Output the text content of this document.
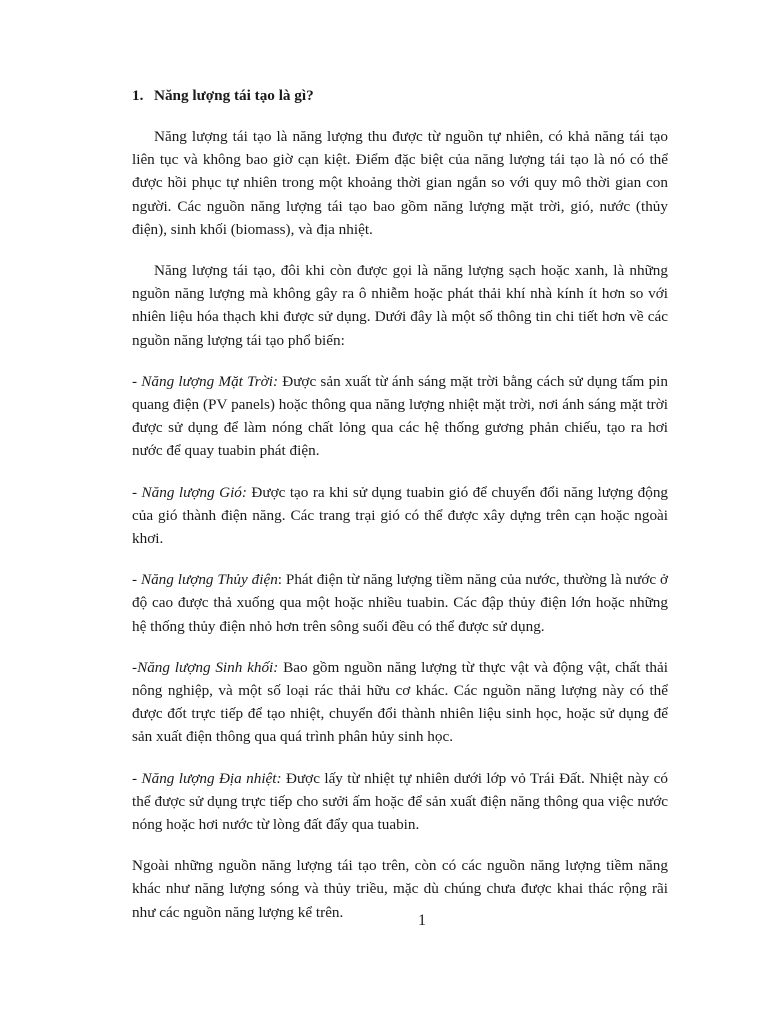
1. Năng lượng tái tạo là gì?

Năng lượng tái tạo là năng lượng thu được từ nguồn tự nhiên, có khả năng tái tạo liên tục và không bao giờ cạn kiệt. Điểm đặc biệt của năng lượng tái tạo là nó có thể được hồi phục tự nhiên trong một khoảng thời gian ngắn so với quy mô thời gian con người. Các nguồn năng lượng tái tạo bao gồm năng lượng mặt trời, gió, nước (thủy điện), sinh khối (biomass), và địa nhiệt.

Năng lượng tái tạo, đôi khi còn được gọi là năng lượng sạch hoặc xanh, là những nguồn năng lượng mà không gây ra ô nhiễm hoặc phát thải khí nhà kính ít hơn so với nhiên liệu hóa thạch khi được sử dụng. Dưới đây là một số thông tin chi tiết hơn về các nguồn năng lượng tái tạo phổ biến:

- Năng lượng Mặt Trời: Được sản xuất từ ánh sáng mặt trời bằng cách sử dụng tấm pin quang điện (PV panels) hoặc thông qua năng lượng nhiệt mặt trời, nơi ánh sáng mặt trời được sử dụng để làm nóng chất lỏng qua các hệ thống gương phản chiếu, tạo ra hơi nước để quay tuabin phát điện.

- Năng lượng Gió: Được tạo ra khi sử dụng tuabin gió để chuyển đổi năng lượng động của gió thành điện năng. Các trang trại gió có thể được xây dựng trên cạn hoặc ngoài khơi.

- Năng lượng Thủy điện: Phát điện từ năng lượng tiềm năng của nước, thường là nước ở độ cao được thả xuống qua một hoặc nhiều tuabin. Các đập thủy điện lớn hoặc những hệ thống thủy điện nhỏ hơn trên sông suối đều có thể được sử dụng.

-Năng lượng Sinh khối: Bao gồm nguồn năng lượng từ thực vật và động vật, chất thải nông nghiệp, và một số loại rác thải hữu cơ khác. Các nguồn năng lượng này có thể được đốt trực tiếp để tạo nhiệt, chuyển đổi thành nhiên liệu sinh học, hoặc sử dụng để sản xuất điện thông qua quá trình phân hủy sinh học.

- Năng lượng Địa nhiệt: Được lấy từ nhiệt tự nhiên dưới lớp vỏ Trái Đất. Nhiệt này có thể được sử dụng trực tiếp cho sưởi ấm hoặc để sản xuất điện năng thông qua việc nước nóng hoặc hơi nước từ lòng đất đẩy qua tuabin.

Ngoài những nguồn năng lượng tái tạo trên, còn có các nguồn năng lượng tiềm năng khác như năng lượng sóng và thủy triều, mặc dù chúng chưa được khai thác rộng rãi như các nguồn năng lượng kể trên.	1
